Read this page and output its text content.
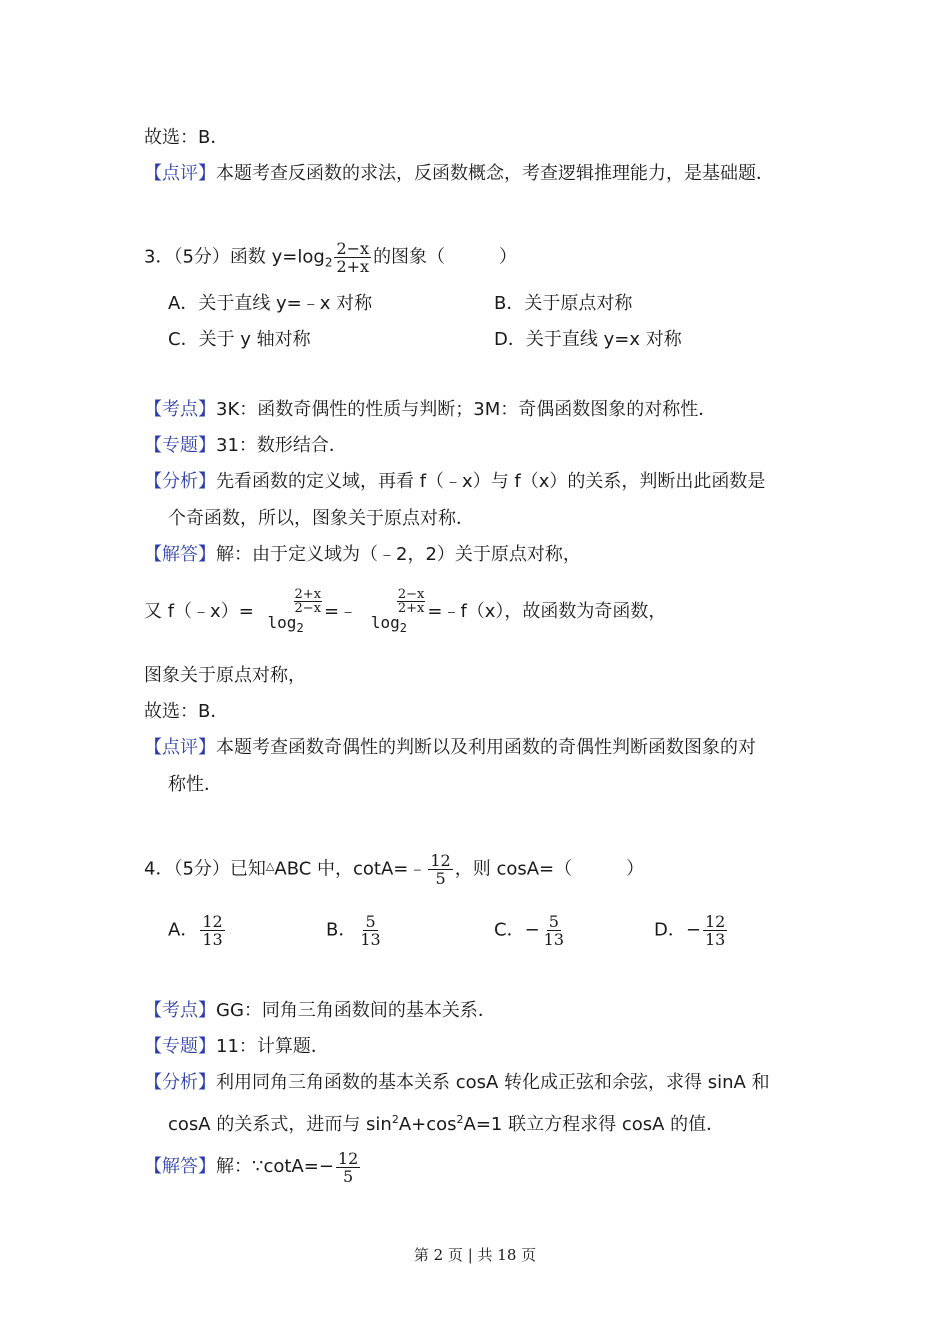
故选：B．
【点评】本题考查反函数的求法，反函数概念，考查逻辑推理能力，是基础题．
3．（5分）函数 $y=\log_2 \frac{2-x}{2+x}$ 的图象（　　　）
A．关于直线 y=﹣x 对称	B．关于原点对称
C．关于 y 轴对称	D．关于直线 y=x 对称
【考点】3K：函数奇偶性的性质与判断；3M：奇偶函数图象的对称性．
【专题】31：数形结合．
【分析】先看函数的定义域，再看 f（﹣x）与 f（x）的关系，判断出此函数是
个奇函数，所以，图象关于原点对称．
【解答】解：由于定义域为（﹣2，2）关于原点对称，
又 f（﹣x）=
2+x
2−x
$\log_2$
=﹣
2−x
2+x
$\log_2$
=﹣f（x），故函数为奇函数，
图象关于原点对称，
故选：B．
【点评】本题考查函数奇偶性的判断以及利用函数的奇偶性判断函数图象的对
称性．
4．（5分）已知△ABC 中，cotA=﹣ $\frac{12}{5}$ ，则 cosA=（　　　）
A． $\frac{12}{13}$	B． $\frac{5}{13}$	C．− $\frac{5}{13}$	D．− $\frac{12}{13}$
【考点】GG：同角三角函数间的基本关系．
【专题】11：计算题．
【分析】利用同角三角函数的基本关系 cosA 转化成正弦和余弦，求得 sinA 和
cosA 的关系式，进而与 $\sin^2A+\cos^2A=1$ 联立方程求得 cosA 的值．
【解答】解：∵cotA=− $\frac{12}{5}$
第 2 页 | 共 18 页
